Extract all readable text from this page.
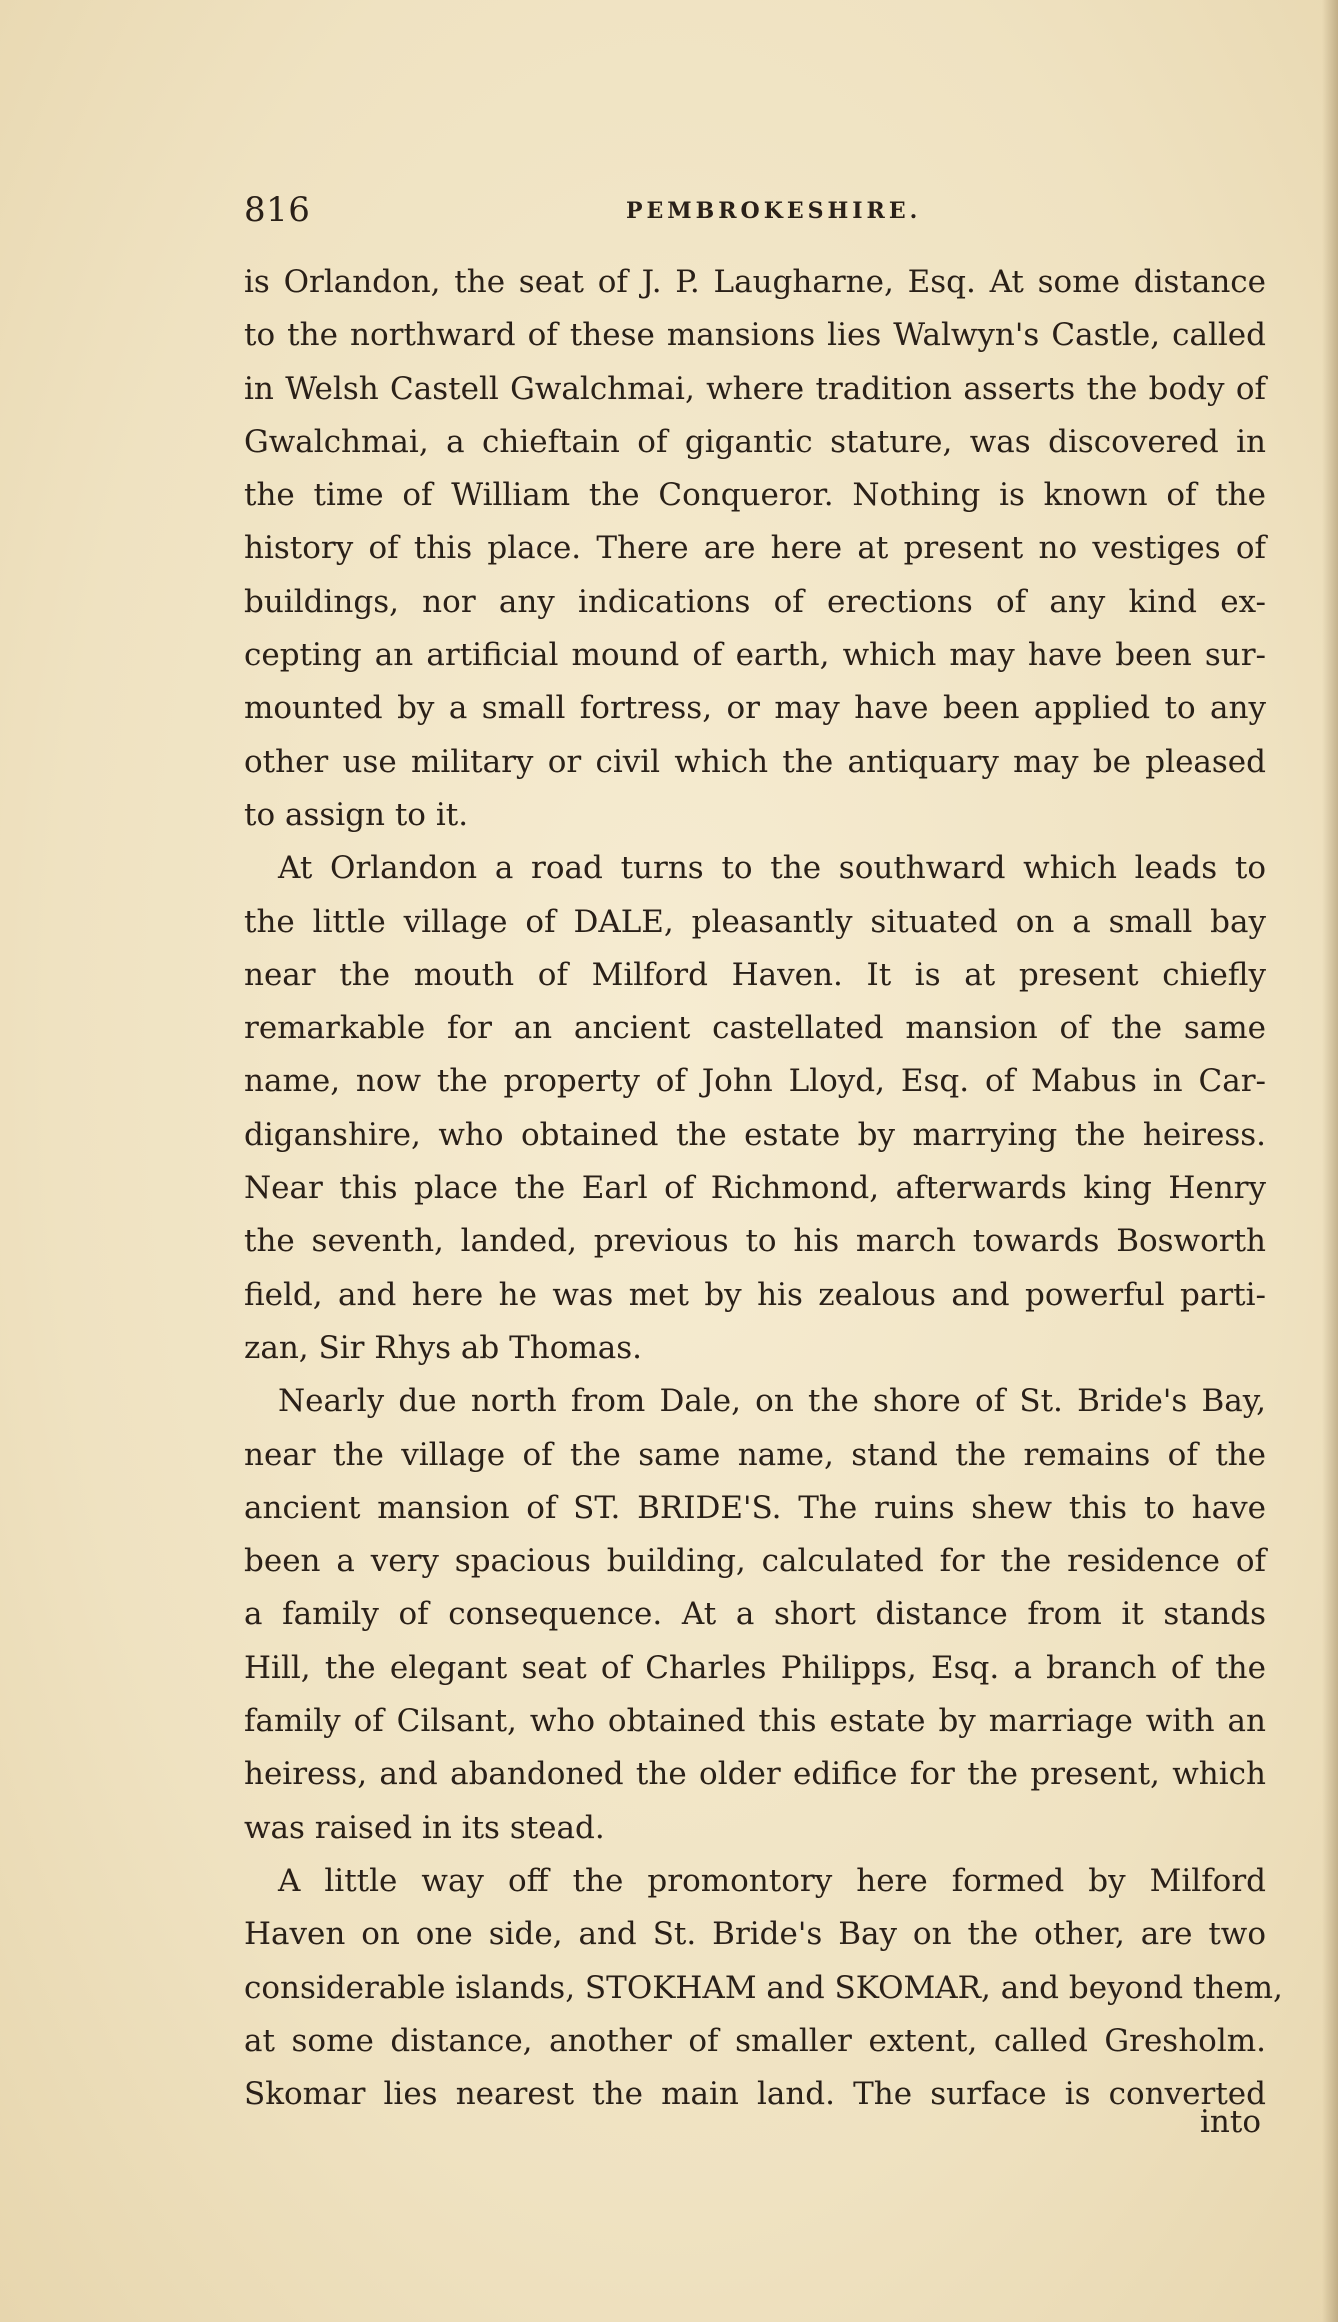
816	PEMBROKESHIRE.
is Orlandon, the seat of J. P. Laugharne, Esq. At some distance
to the northward of these mansions lies Walwyn's Castle, called
in Welsh Castell Gwalchmai, where tradition asserts the body of
Gwalchmai, a chieftain of gigantic stature, was discovered in
the time of William the Conqueror. Nothing is known of the
history of this place. There are here at present no vestiges of
buildings, nor any indications of erections of any kind ex-
cepting an artificial mound of earth, which may have been sur-
mounted by a small fortress, or may have been applied to any
other use military or civil which the antiquary may be pleased
to assign to it.
At Orlandon a road turns to the southward which leads to
the little village of DALE, pleasantly situated on a small bay
near the mouth of Milford Haven. It is at present chiefly
remarkable for an ancient castellated mansion of the same
name, now the property of John Lloyd, Esq. of Mabus in Car-
diganshire, who obtained the estate by marrying the heiress.
Near this place the Earl of Richmond, afterwards king Henry
the seventh, landed, previous to his march towards Bosworth
field, and here he was met by his zealous and powerful parti-
zan, Sir Rhys ab Thomas.
Nearly due north from Dale, on the shore of St. Bride's Bay,
near the village of the same name, stand the remains of the
ancient mansion of ST. BRIDE'S. The ruins shew this to have
been a very spacious building, calculated for the residence of
a family of consequence. At a short distance from it stands
Hill, the elegant seat of Charles Philipps, Esq. a branch of the
family of Cilsant, who obtained this estate by marriage with an
heiress, and abandoned the older edifice for the present, which
was raised in its stead.
A little way off the promontory here formed by Milford
Haven on one side, and St. Bride's Bay on the other, are two
considerable islands, STOKHAM and SKOMAR, and beyond them,
at some distance, another of smaller extent, called Gresholm.
Skomar lies nearest the main land. The surface is converted
into
